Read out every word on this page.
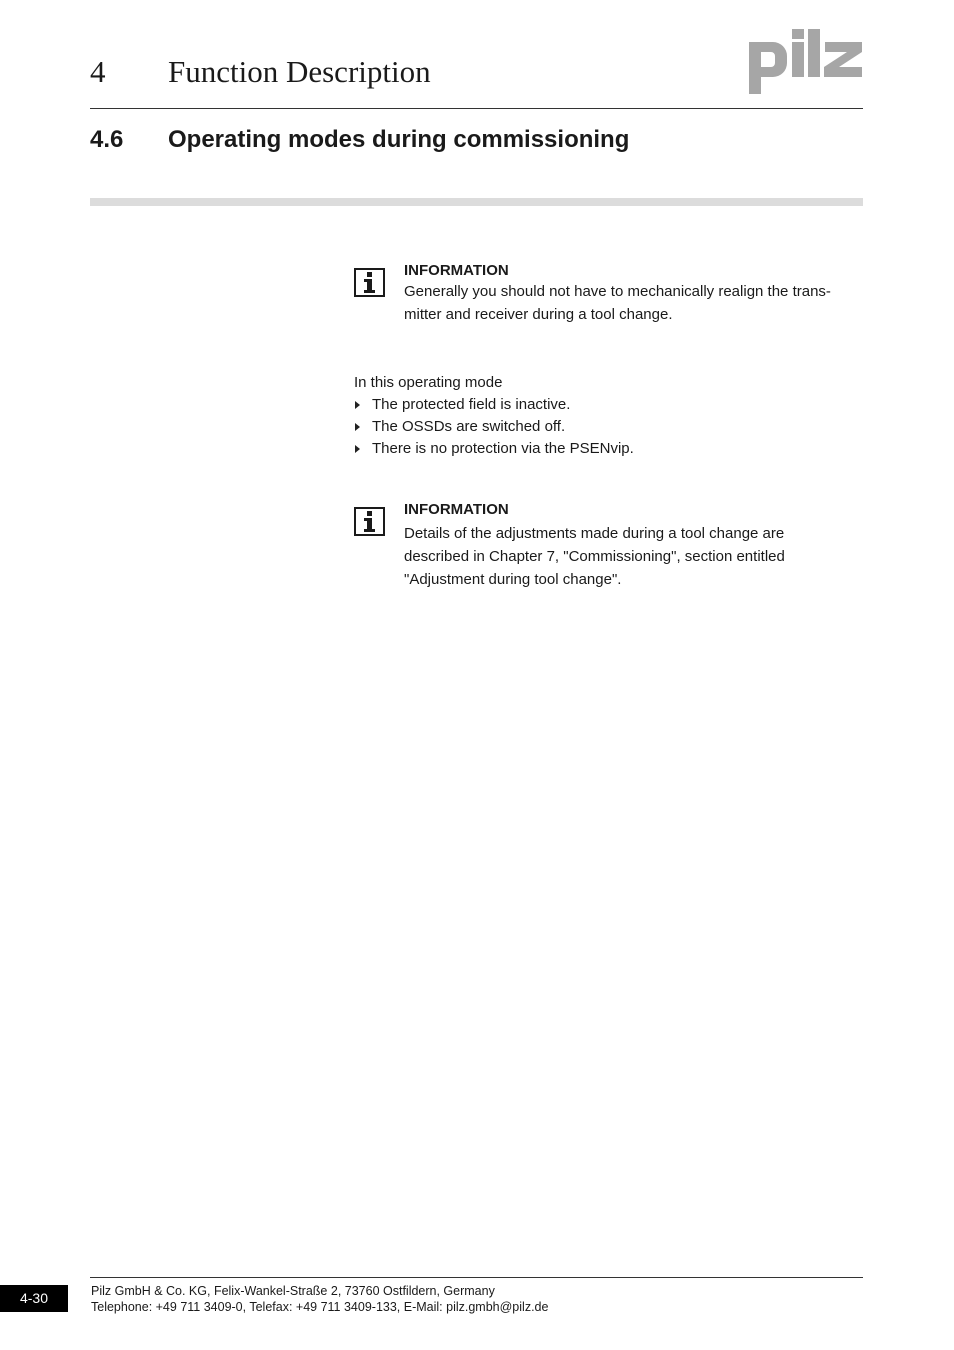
4 Function Description
4.6 Operating modes during commissioning
INFORMATION
Generally you should not have to mechanically realign the trans-
mitter and receiver during a tool change.
In this operating mode
The protected field is inactive.
The OSSDs are switched off.
There is no protection via the PSENvip.
INFORMATION
Details of the adjustments made during a tool change are
described in Chapter 7, "Commissioning", section entitled
"Adjustment during tool change".
4-30	Pilz GmbH & Co. KG, Felix-Wankel-Straße 2, 73760 Ostfildern, Germany
Telephone: +49 711 3409-0, Telefax: +49 711 3409-133, E-Mail: pilz.gmbh@pilz.de
